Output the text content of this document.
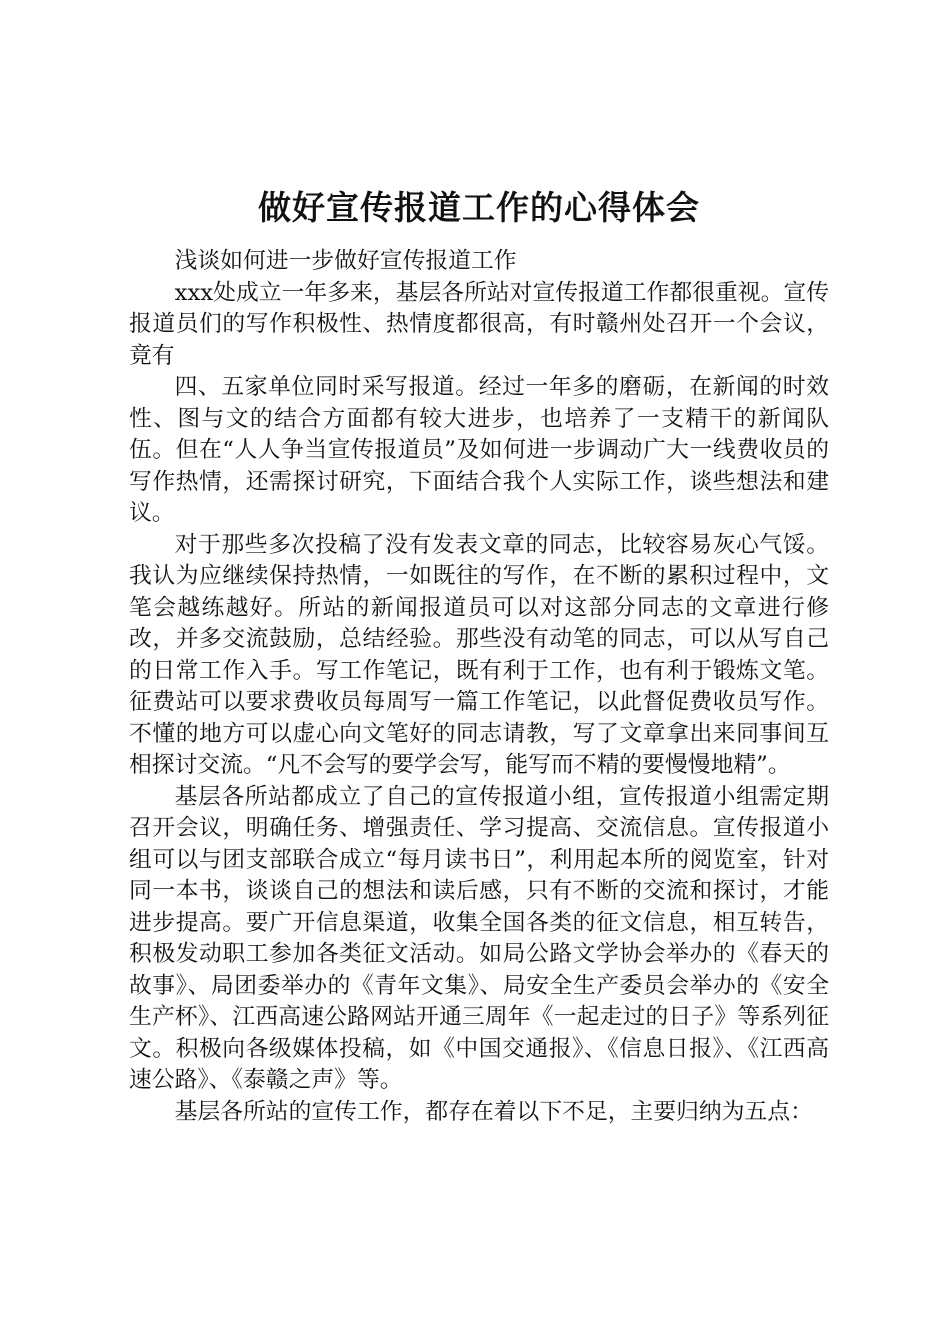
做好宣传报道工作的心得体会

浅谈如何进一步做好宣传报道工作

xxx处成立一年多来，基层各所站对宣传报道工作都很重视。宣传报道员们的写作积极性、热情度都很高，有时赣州处召开一个会议，竟有

四、五家单位同时采写报道。经过一年多的磨砺，在新闻的时效性、图与文的结合方面都有较大进步，也培养了一支精干的新闻队伍。但在“人人争当宣传报道员”及如何进一步调动广大一线费收员的写作热情，还需探讨研究，下面结合我个人实际工作，谈些想法和建议。

对于那些多次投稿了没有发表文章的同志，比较容易灰心气馁。我认为应继续保持热情，一如既往的写作，在不断的累积过程中，文笔会越练越好。所站的新闻报道员可以对这部分同志的文章进行修改，并多交流鼓励，总结经验。那些没有动笔的同志，可以从写自己的日常工作入手。写工作笔记，既有利于工作，也有利于锻炼文笔。征费站可以要求费收员每周写一篇工作笔记，以此督促费收员写作。不懂的地方可以虚心向文笔好的同志请教，写了文章拿出来同事间互相探讨交流。“凡不会写的要学会写，能写而不精的要慢慢地精”。

基层各所站都成立了自己的宣传报道小组，宣传报道小组需定期召开会议，明确任务、增强责任、学习提高、交流信息。宣传报道小组可以与团支部联合成立“每月读书日”，利用起本所的阅览室，针对同一本书，谈谈自己的想法和读后感，只有不断的交流和探讨，才能进步提高。要广开信息渠道，收集全国各类的征文信息，相互转告，积极发动职工参加各类征文活动。如局公路文学协会举办的《春天的故事》、局团委举办的《青年文集》、局安全生产委员会举办的《安全生产杯》、江西高速公路网站开通三周年《一起走过的日子》等系列征文。积极向各级媒体投稿，如《中国交通报》、《信息日报》、《江西高速公路》、《泰赣之声》等。

基层各所站的宣传工作，都存在着以下不足，主要归纳为五点：
